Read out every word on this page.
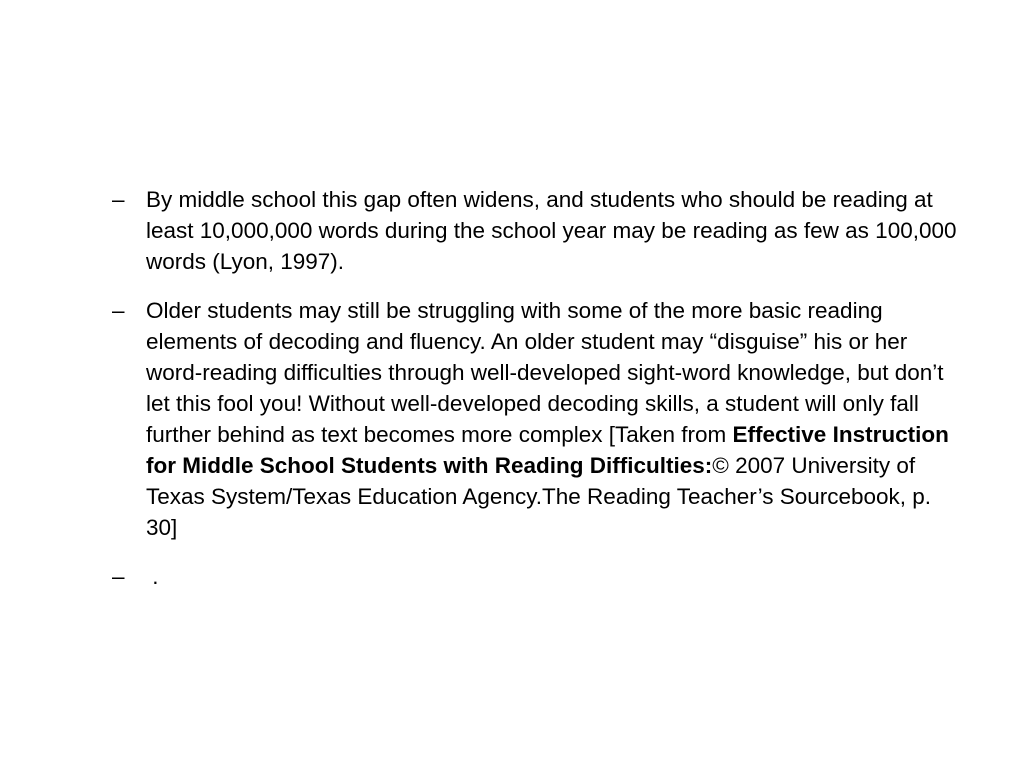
– By middle school this gap often widens, and students who should be reading at least 10,000,000 words during the school year may be reading as few as 100,000 words (Lyon, 1997).
– Older students may still be struggling with some of the more basic reading elements of decoding and fluency. An older student may “disguise” his or her word-reading difficulties through well-developed sight-word knowledge, but don’t let this fool you! Without well-developed decoding skills, a student will only fall further behind as text becomes more complex [Taken from Effective Instruction for Middle School Students with Reading Difficulties:© 2007 University of Texas System/Texas Education Agency.The Reading Teacher’s Sourcebook, p. 30]
– .
